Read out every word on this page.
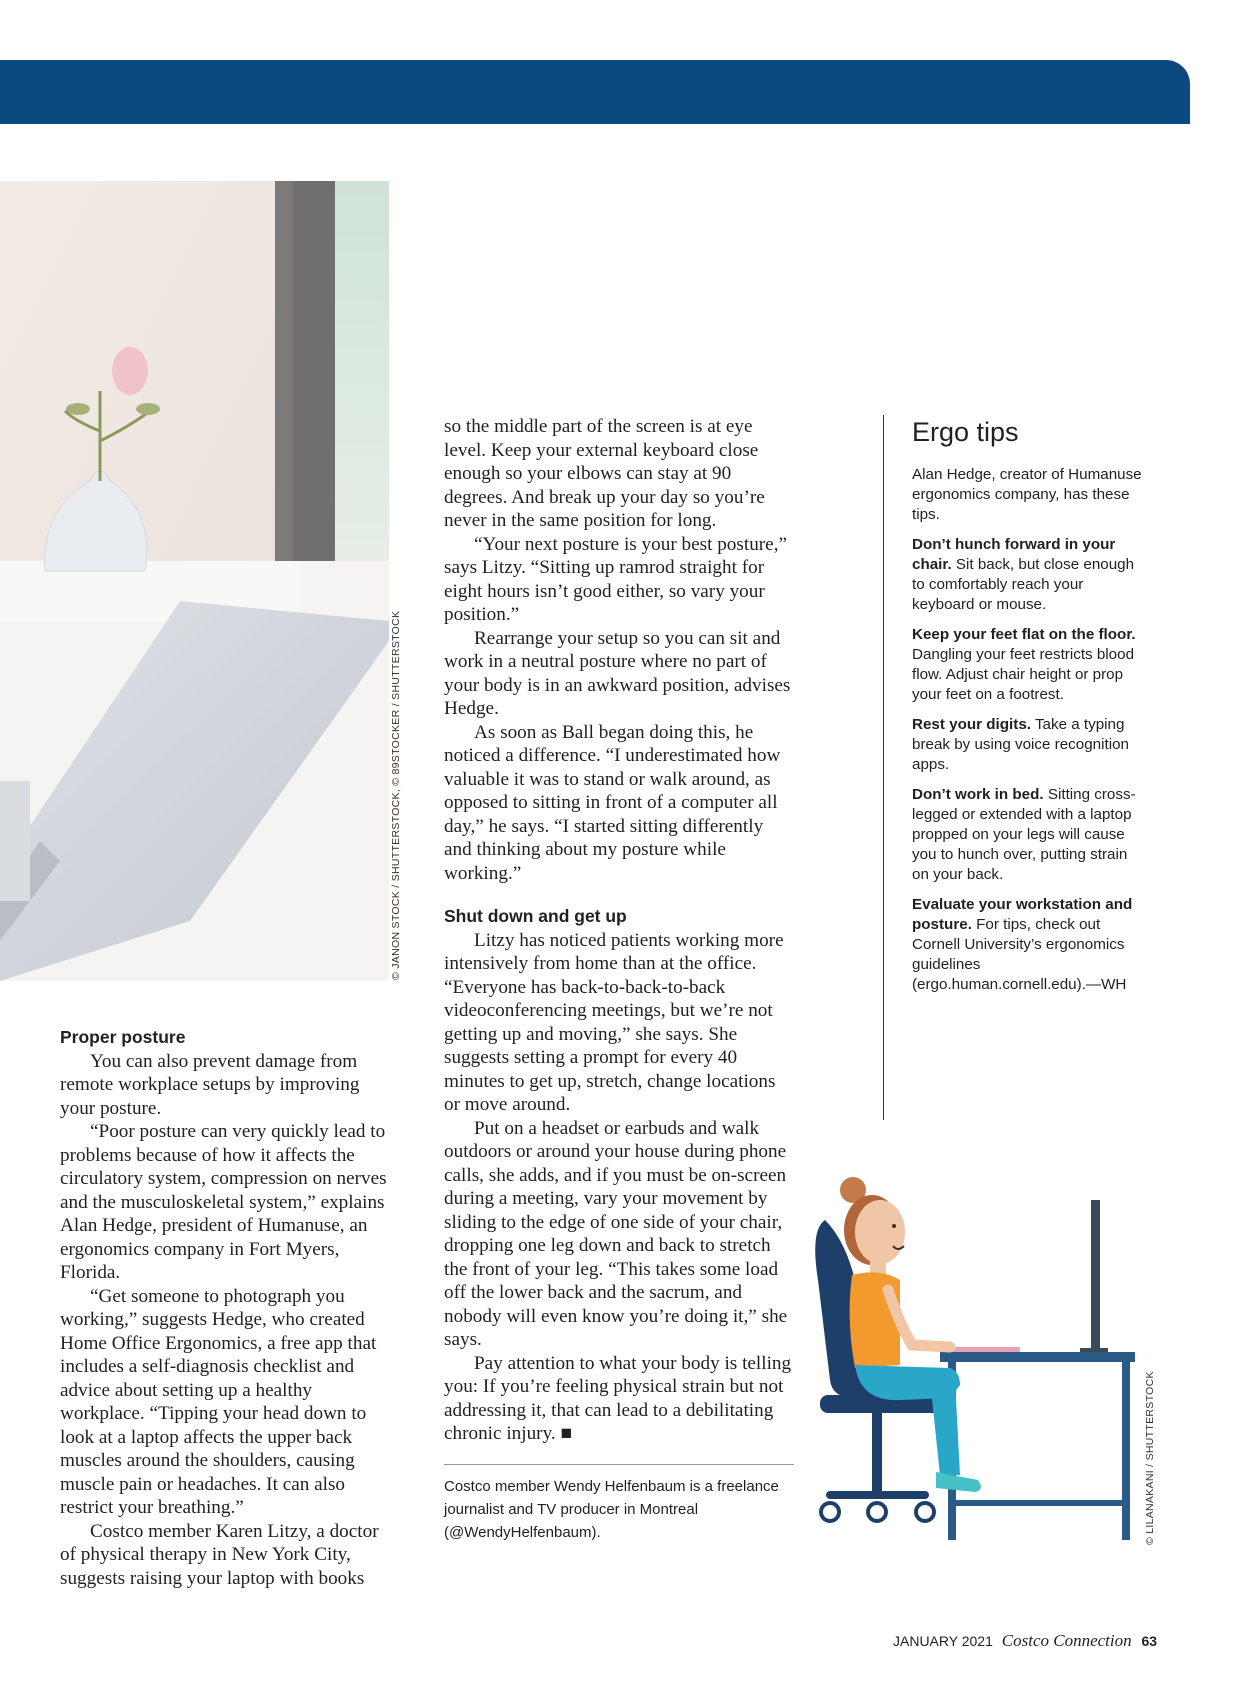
© JANON STOCK / SHUTTERSTOCK, © 89STOCKER / SHUTTERSTOCK
Proper posture

You can also prevent damage from remote workplace setups by improving your posture.

“Poor posture can very quickly lead to problems because of how it affects the circulatory system, compression on nerves and the musculoskeletal system,” explains Alan Hedge, president of Humanuse, an ergonomics company in Fort Myers, Florida.

“Get someone to photograph you working,” suggests Hedge, who created Home Office Ergonomics, a free app that includes a self-diagnosis checklist and advice about setting up a healthy workplace. “Tipping your head down to look at a laptop affects the upper back muscles around the shoulders, causing muscle pain or headaches. It can also restrict your breathing.”

Costco member Karen Litzy, a doctor of physical therapy in New York City, suggests raising your laptop with books

so the middle part of the screen is at eye level. Keep your external keyboard close enough so your elbows can stay at 90 degrees. And break up your day so you’re never in the same position for long.

“Your next posture is your best posture,” says Litzy. “Sitting up ramrod straight for eight hours isn’t good either, so vary your position.”

Rearrange your setup so you can sit and work in a neutral posture where no part of your body is in an awkward position, advises Hedge.

As soon as Ball began doing this, he noticed a difference. “I underestimated how valuable it was to stand or walk around, as opposed to sitting in front of a computer all day,” he says. “I started sitting differently and thinking about my posture while working.”

Shut down and get up

Litzy has noticed patients working more intensively from home than at the office. “Everyone has back-to-back-to-back videoconferencing meetings, but we’re not getting up and moving,” she says. She suggests setting a prompt for every 40 minutes to get up, stretch, change locations or move around.

Put on a headset or earbuds and walk outdoors or around your house during phone calls, she adds, and if you must be on-screen during a meeting, vary your movement by sliding to the edge of one side of your chair, dropping one leg down and back to stretch the front of your leg. “This takes some load off the lower back and the sacrum, and nobody will even know you’re doing it,” she says.

Pay attention to what your body is telling you: If you’re feeling physical strain but not addressing it, that can lead to a debilitating chronic injury. ■

Costco member Wendy Helfenbaum is a freelance journalist and TV producer in Montreal (@WendyHelfenbaum).
Ergo tips

Alan Hedge, creator of Humanuse ergonomics company, has these tips.

Don’t hunch forward in your chair. Sit back, but close enough to comfortably reach your keyboard or mouse.

Keep your feet flat on the floor. Dangling your feet restricts blood flow. Adjust chair height or prop your feet on a footrest.

Rest your digits. Take a typing break by using voice recognition apps.

Don’t work in bed. Sitting cross-legged or extended with a laptop propped on your legs will cause you to hunch over, putting strain on your back.

Evaluate your workstation and posture. For tips, check out Cornell University’s ergonomics guidelines (ergo.human.cornell.edu).—WH

© LILANAKANI / SHUTTERSTOCK
JANUARY 2021 Costco Connection 63
